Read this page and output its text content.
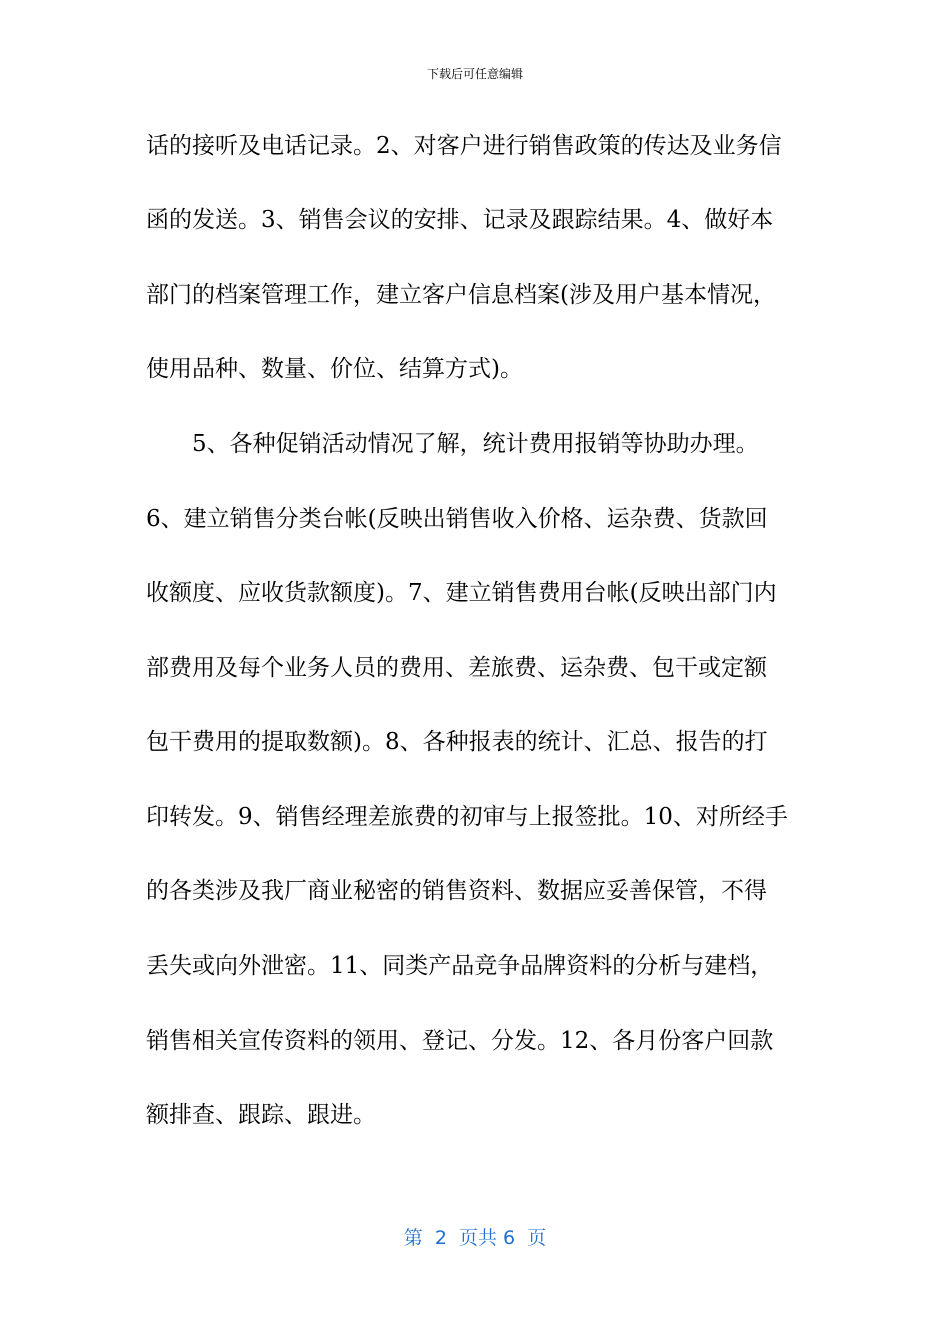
下载后可任意编辑
话的接听及电话记录。2、对客户进行销售政策的传达及业务信
函的发送。3、销售会议的安排、记录及跟踪结果。4、做好本
部门的档案管理工作，建立客户信息档案(涉及用户基本情况，
使用品种、数量、价位、结算方式)。
5、各种促销活动情况了解，统计费用报销等协助办理。
6、建立销售分类台帐(反映出销售收入价格、运杂费、货款回
收额度、应收货款额度)。7、建立销售费用台帐(反映出部门内
部费用及每个业务人员的费用、差旅费、运杂费、包干或定额
包干费用的提取数额)。8、各种报表的统计、汇总、报告的打
印转发。9、销售经理差旅费的初审与上报签批。10、对所经手
的各类涉及我厂商业秘密的销售资料、数据应妥善保管，不得
丢失或向外泄密。11、同类产品竞争品牌资料的分析与建档，
销售相关宣传资料的领用、登记、分发。12、各月份客户回款
额排查、跟踪、跟进。
第  2  页共 6  页
